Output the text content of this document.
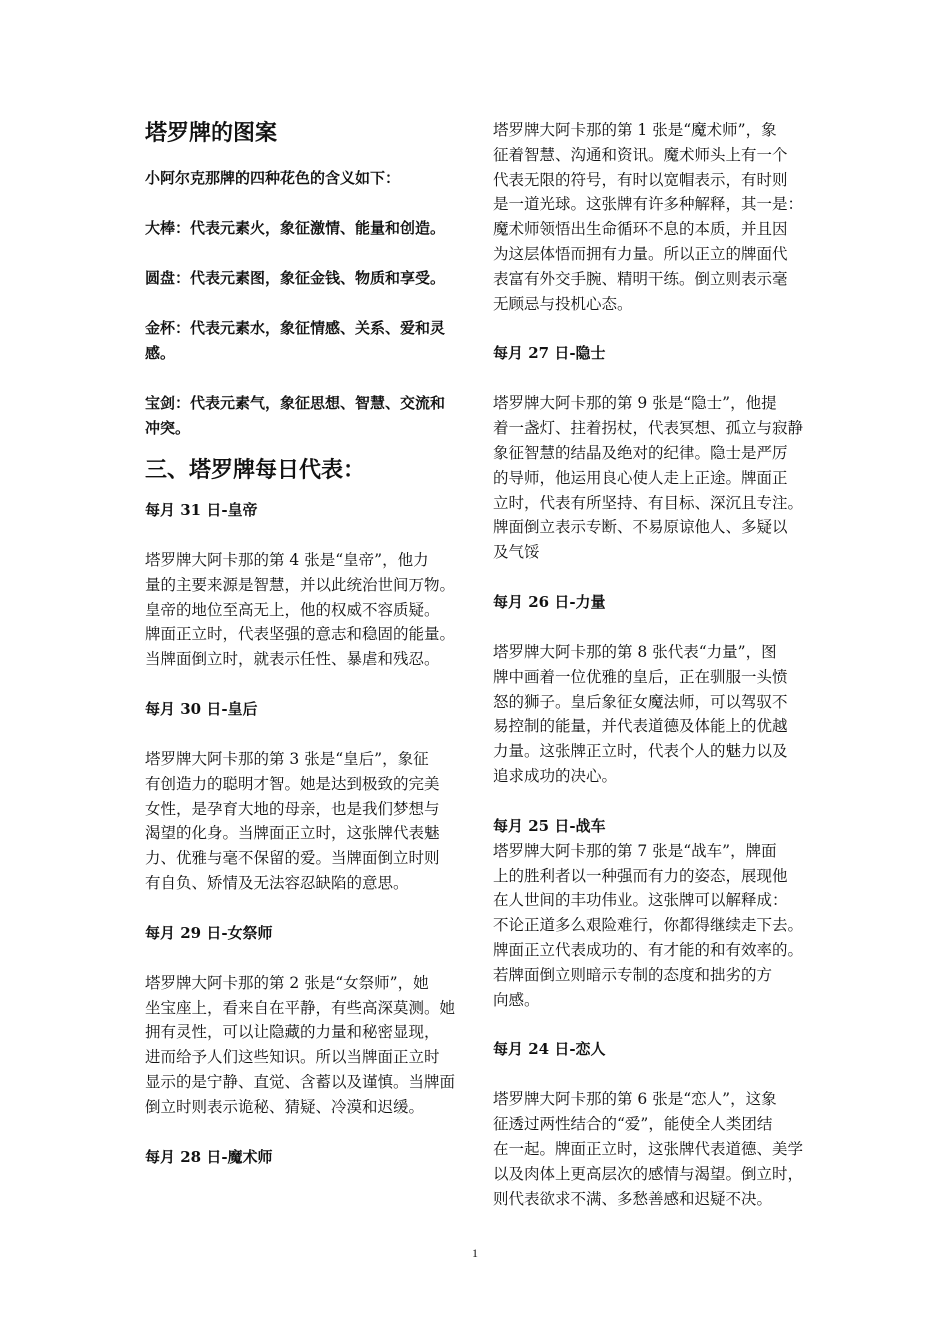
塔罗牌的图案

小阿尔克那牌的四种花色的含义如下：

大棒：代表元素火，象征激情、能量和创造。

圆盘：代表元素图，象征金钱、物质和享受。

金杯：代表元素水，象征情感、关系、爱和灵
感。

宝剑：代表元素气，象征思想、智慧、交流和
冲突。

三、塔罗牌每日代表：

每月 31 日-皇帝

塔罗牌大阿卡那的第 4 张是“皇帝”，他力
量的主要来源是智慧，并以此统治世间万物。
皇帝的地位至高无上，他的权威不容质疑。
牌面正立时，代表坚强的意志和稳固的能量。
当牌面倒立时，就表示任性、暴虐和残忍。

每月 30 日-皇后

塔罗牌大阿卡那的第 3 张是“皇后”，象征
有创造力的聪明才智。她是达到极致的完美
女性，是孕育大地的母亲，也是我们梦想与
渴望的化身。当牌面正立时，这张牌代表魅
力、优雅与毫不保留的爱。当牌面倒立时则
有自负、矫情及无法容忍缺陷的意思。

每月 29 日-女祭师

塔罗牌大阿卡那的第 2 张是“女祭师”，她
坐宝座上，看来自在平静，有些高深莫测。她
拥有灵性，可以让隐藏的力量和秘密显现，
进而给予人们这些知识。所以当牌面正立时
显示的是宁静、直觉、含蓄以及谨慎。当牌面
倒立时则表示诡秘、猜疑、冷漠和迟缓。

每月 28 日-魔术师

塔罗牌大阿卡那的第 1 张是“魔术师”，象
征着智慧、沟通和资讯。魔术师头上有一个
代表无限的符号，有时以宽帽表示，有时则
是一道光球。这张牌有许多种解释，其一是：
魔术师领悟出生命循环不息的本质，并且因
为这层体悟而拥有力量。所以正立的牌面代
表富有外交手腕、精明干练。倒立则表示毫
无顾忌与投机心态。

每月 27 日-隐士

塔罗牌大阿卡那的第 9 张是“隐士”，他提
着一盏灯、拄着拐杖，代表冥想、孤立与寂静
象征智慧的结晶及绝对的纪律。隐士是严厉
的导师，他运用良心使人走上正途。牌面正
立时，代表有所坚持、有目标、深沉且专注。
牌面倒立表示专断、不易原谅他人、多疑以
及气馁

每月 26 日-力量

塔罗牌大阿卡那的第 8 张代表“力量”，图
牌中画着一位优雅的皇后，正在驯服一头愤
怒的狮子。皇后象征女魔法师，可以驾驭不
易控制的能量，并代表道德及体能上的优越
力量。这张牌正立时，代表个人的魅力以及
追求成功的决心。

每月 25 日-战车

塔罗牌大阿卡那的第 7 张是“战车”，牌面
上的胜利者以一种强而有力的姿态，展现他
在人世间的丰功伟业。这张牌可以解释成：
不论正道多么艰险难行，你都得继续走下去。
牌面正立代表成功的、有才能的和有效率的。
若牌面倒立则暗示专制的态度和拙劣的方
向感。

每月 24 日-恋人

塔罗牌大阿卡那的第 6 张是“恋人”，这象
征透过两性结合的“爱”，能使全人类团结
在一起。牌面正立时，这张牌代表道德、美学
以及肉体上更高层次的感情与渴望。倒立时，
则代表欲求不满、多愁善感和迟疑不决。

1
